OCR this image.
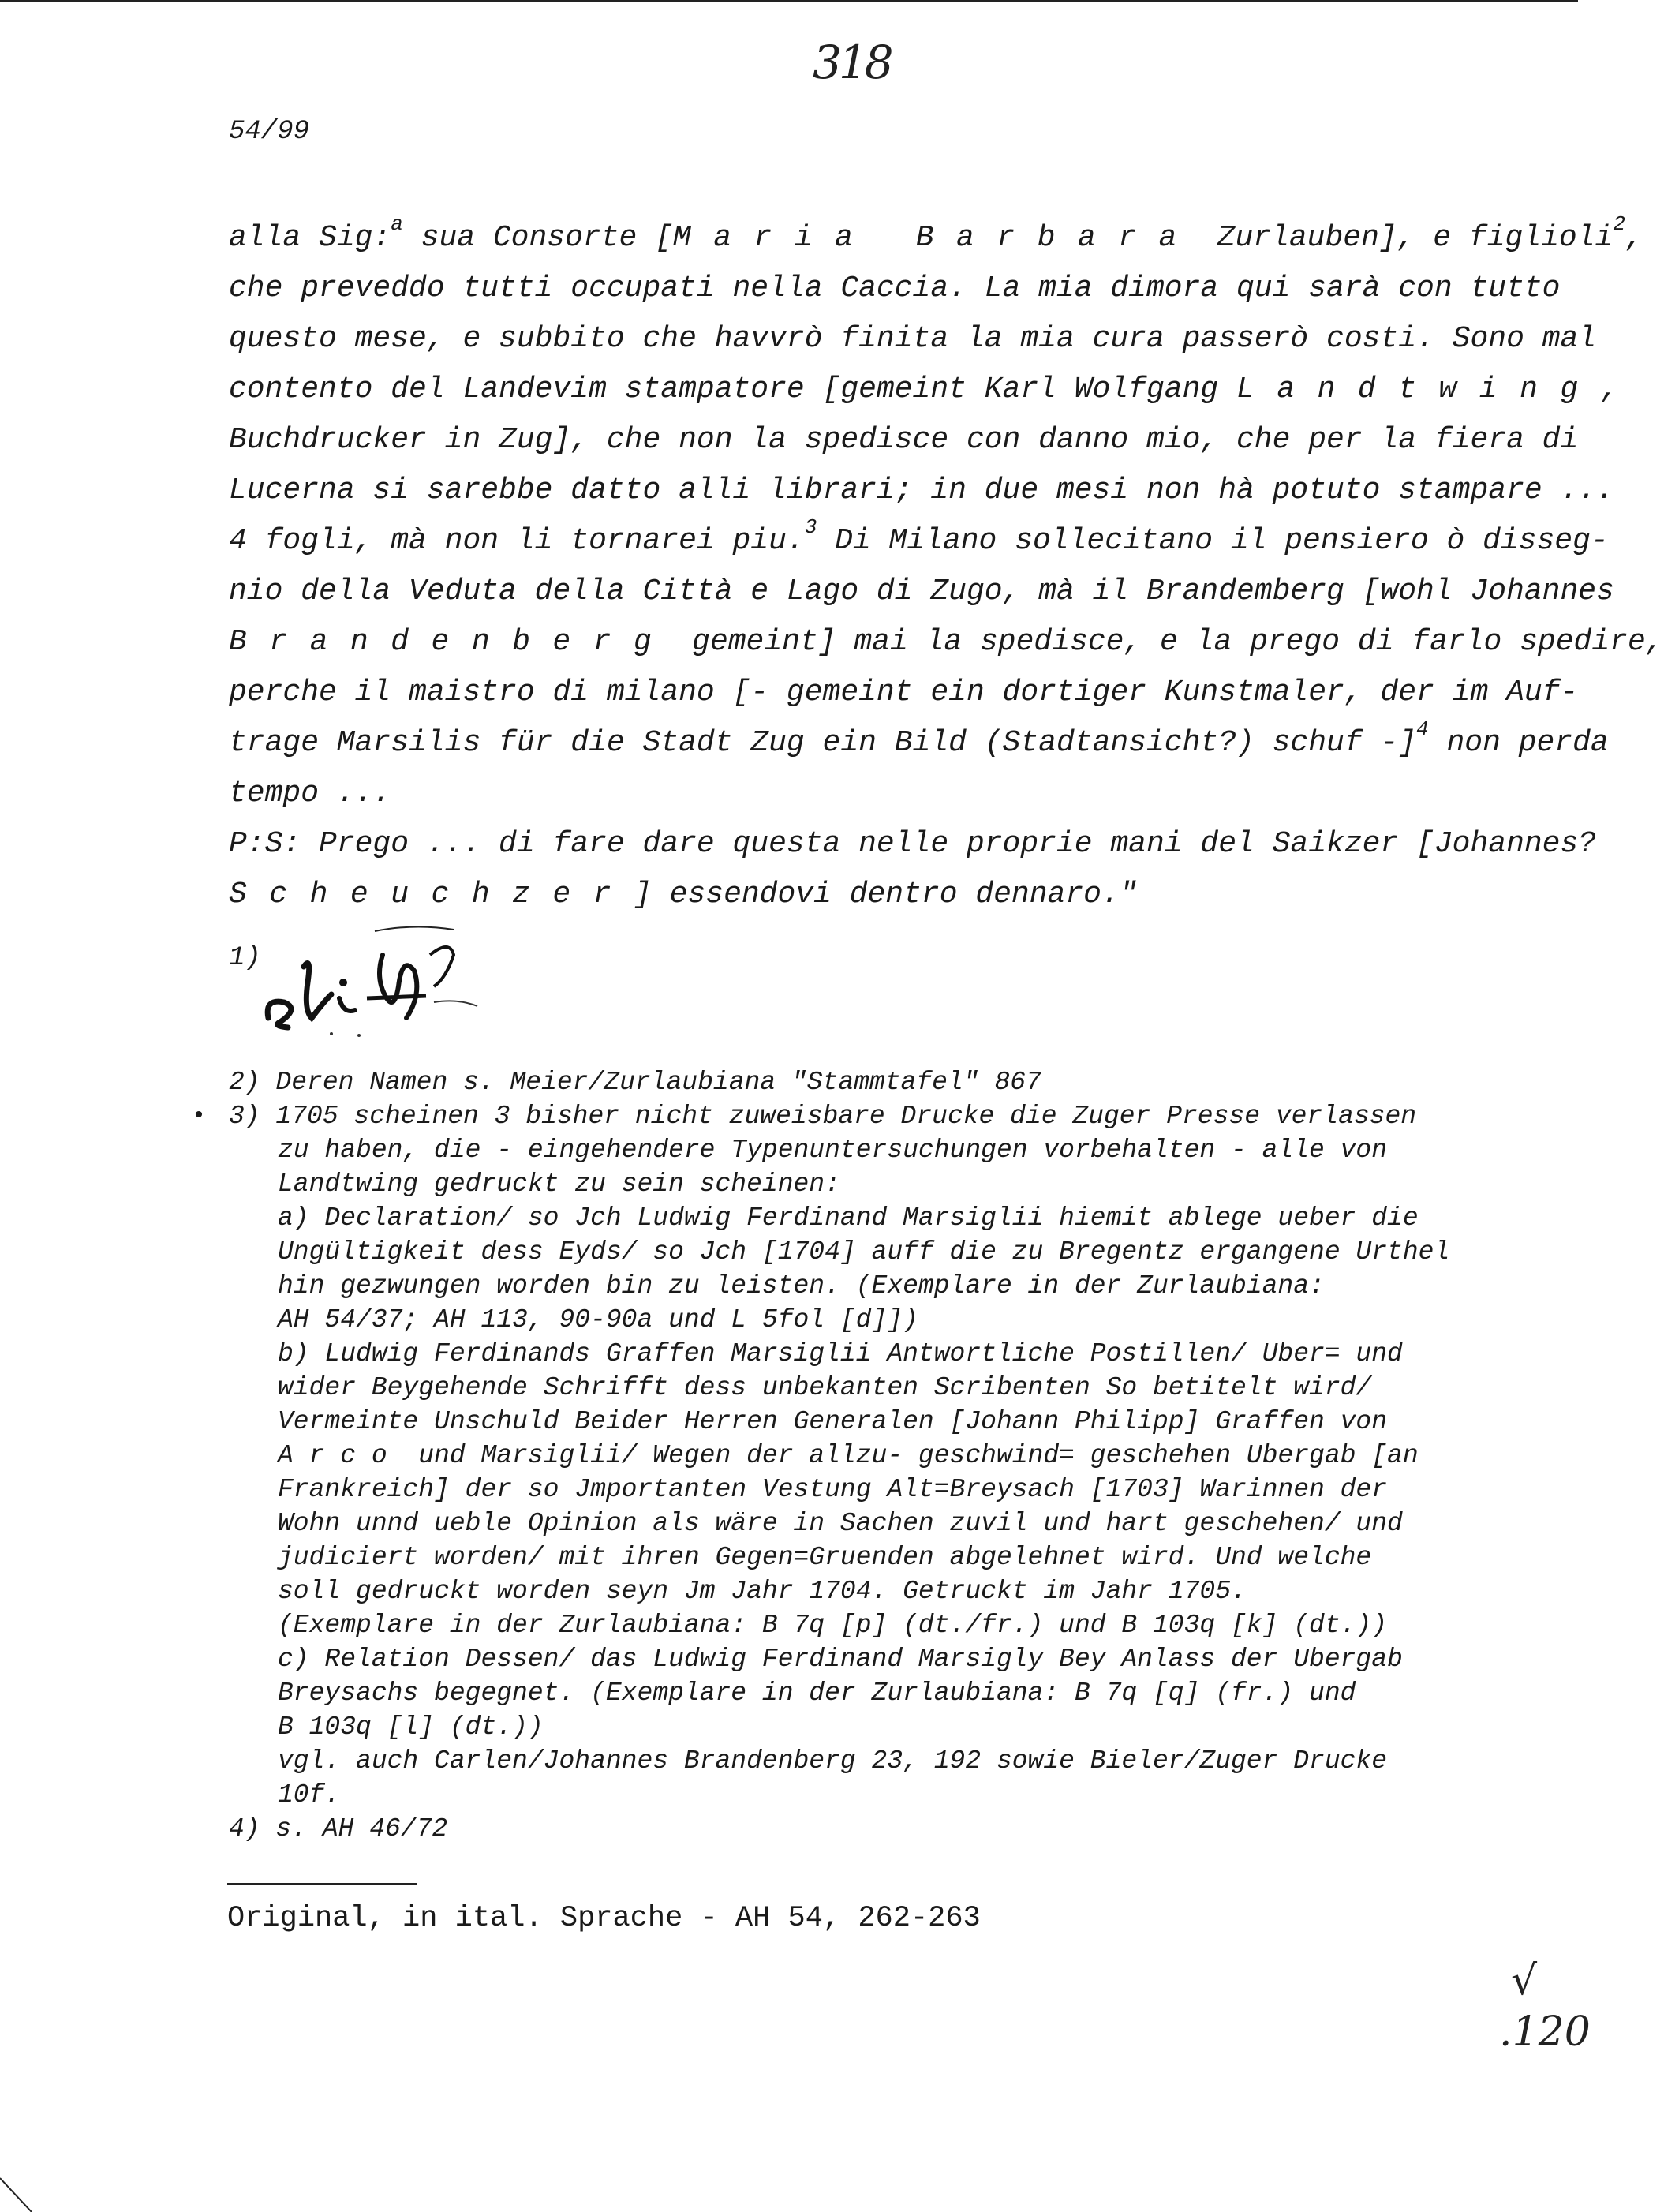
318
54/99
alla Sig:$^a$ sua Consorte [Maria Barbara Zurlauben], e figlioli$^2$,
che preveddo tutti occupati nella Caccia. La mia dimora qui sarà con tutto
questo mese, e subbito che havvrò finita la mia cura passerò costi. Sono mal
contento del Landevim stampatore [gemeint Karl Wolfgang Landtwing,
Buchdrucker in Zug], che non la spedisce con danno mio, che per la fiera di
Lucerna si sarebbe datto alli librari; in due mesi non hà potuto stampare ...
4 fogli, mà non li tornarei piu.$^3$ Di Milano sollecitano il pensiero ò disseg-
nio della Veduta della Città e Lago di Zugo, mà il Brandemberg [wohl Johannes
Brandenberg gemeint] mai la spedisce, e la prego di farlo spedire,
perche il maistro di milano [- gemeint ein dortiger Kunstmaler, der im Auf-
trage Marsilis für die Stadt Zug ein Bild (Stadtansicht?) schuf -]$^4$ non perda
tempo ...
P:S: Prego ... di fare dare questa nelle proprie mani del Saikzer [Johannes?
Scheuchzer] essendovi dentro dennaro."
1)
•
2) Deren Namen s. Meier/Zurlaubiana "Stammtafel" 867
3) 1705 scheinen 3 bisher nicht zuweisbare Drucke die Zuger Presse verlassen
zu haben, die - eingehendere Typenuntersuchungen vorbehalten - alle von
Landtwing gedruckt zu sein scheinen:
a) Declaration/ so Jch Ludwig Ferdinand Marsiglii hiemit ablege ueber die
Ungültigkeit dess Eyds/ so Jch [1704] auff die zu Bregentz ergangene Urthel
hin gezwungen worden bin zu leisten. (Exemplare in der Zurlaubiana:
AH 54/37; AH 113, 90-90a und L 5fol [d]])
b) Ludwig Ferdinands Graffen Marsiglii Antwortliche Postillen/ Uber= und
wider Beygehende Schrifft dess unbekanten Scribenten So betitelt wird/
Vermeinte Unschuld Beider Herren Generalen [Johann Philipp] Graffen von
A r c o  und Marsiglii/ Wegen der allzu- geschwind= geschehen Ubergab [an
Frankreich] der so Jmportanten Vestung Alt=Breysach [1703] Warinnen der
Wohn unnd ueble Opinion als wäre in Sachen zuvil und hart geschehen/ und
judiciert worden/ mit ihren Gegen=Gruenden abgelehnet wird. Und welche
soll gedruckt worden seyn Jm Jahr 1704. Getruckt im Jahr 1705.
(Exemplare in der Zurlaubiana: B 7q [p] (dt./fr.) und B 103q [k] (dt.))
c) Relation Dessen/ das Ludwig Ferdinand Marsigly Bey Anlass der Ubergab
Breysachs begegnet. (Exemplare in der Zurlaubiana: B 7q [q] (fr.) und
B 103q [l] (dt.))
vgl. auch Carlen/Johannes Brandenberg 23, 192 sowie Bieler/Zuger Drucke
10f.
4) s. AH 46/72
Original, in ital. Sprache - AH 54, 262-263
√
.120
